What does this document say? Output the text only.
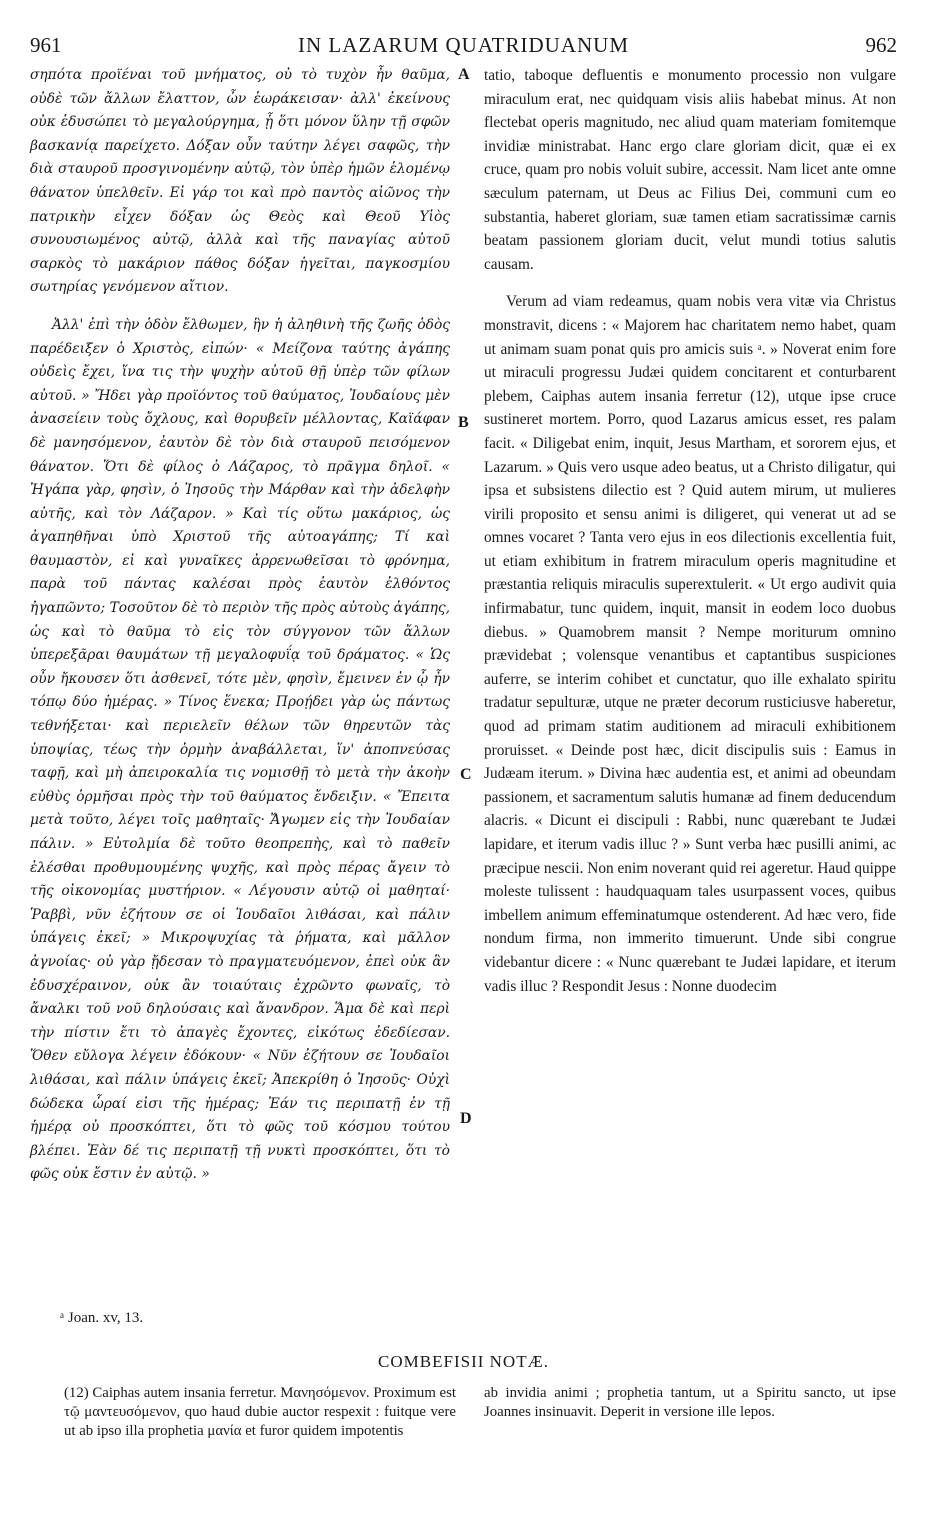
961	IN LAZARUM QUATRIDUANUM	962

σηπότα προϊέναι τοῦ μνήματος, οὐ τὸ τυχὸν ἦν θαῦμα, οὐδὲ τῶν ἄλλων ἔλαττον, ὧν ἑωράκεισαν· ἀλλ' ἐκείνους οὐκ ἐδυσώπει τὸ μεγαλούργημα, ᾗ ὅτι μόνον ὕλην τῇ σφῶν βασκανίᾳ παρείχετο. Δόξαν οὖν ταύτην λέγει σαφῶς, τὴν διὰ σταυροῦ προσγινομένην αὐτῷ, τὸν ὑπὲρ ἡμῶν ἑλομένῳ θάνατον ὑπελθεῖν. Εἰ γάρ τοι καὶ πρὸ παντὸς αἰῶνος τὴν πατρικὴν εἶχεν δόξαν ὡς Θεὸς καὶ Θεοῦ Υἱὸς συνουσιωμένος αὐτῷ, ἀλλὰ καὶ τῆς παναγίας αὐτοῦ σαρκὸς τὸ μακάριον πάθος δόξαν ἡγεῖται, παγκοσμίου σωτηρίας γενόμενον αἴτιον.

Ἀλλ' ἐπὶ τὴν ὁδὸν ἔλθωμεν, ἣν ἡ ἀληθινὴ τῆς ζωῆς ὁδὸς παρέδειξεν ὁ Χριστὸς, εἰπών· « Μείζονα ταύτης ἀγάπης οὐδεὶς ἔχει, ἵνα τις τὴν ψυχὴν αὐτοῦ θῇ ὑπὲρ τῶν φίλων αὐτοῦ. » Ἤδει γὰρ προϊόντος τοῦ θαύματος, Ἰουδαίους μὲν ἀνασείειν τοὺς ὄχλους, καὶ θορυβεῖν μέλλοντας, Καϊάφαν δὲ μανησόμενον, ἑαυτὸν δὲ τὸν διὰ σταυροῦ πεισόμενον θάνατον. Ὅτι δὲ φίλος ὁ Λάζαρος, τὸ πρᾶγμα δηλοῖ. « Ἠγάπα γὰρ, φησὶν, ὁ Ἰησοῦς τὴν Μάρθαν καὶ τὴν ἀδελφὴν αὐτῆς, καὶ τὸν Λάζαρον. » Καὶ τίς οὕτω μακάριος, ὡς ἀγαπηθῆναι ὑπὸ Χριστοῦ τῆς αὐτοαγάπης; Τί καὶ θαυμαστὸν, εἰ καὶ γυναῖκες ἀρρενωθεῖσαι τὸ φρόνημα, παρὰ τοῦ πάντας καλέσαι πρὸς ἑαυτὸν ἐλθόντος ἠγαπῶντο; Τοσοῦτον δὲ τὸ περιὸν τῆς πρὸς αὐτοὺς ἀγάπης, ὡς καὶ τὸ θαῦμα τὸ εἰς τὸν σύγγονον τῶν ἄλλων ὑπερεξᾶραι θαυμάτων τῇ μεγαλοφυΐᾳ τοῦ δράματος. « Ὡς οὖν ἤκουσεν ὅτι ἀσθενεῖ, τότε μὲν, φησὶν, ἔμεινεν ἐν ᾧ ἦν τόπῳ δύο ἡμέρας. » Τίνος ἕνεκα; Προῄδει γὰρ ὡς πάντως τεθνήξεται· καὶ περιελεῖν θέλων τῶν θηρευτῶν τὰς ὑποψίας, τέως τὴν ὁρμὴν ἀναβάλλεται, ἵν' ἀποπνεύσας ταφῇ, καὶ μὴ ἀπειροκαλία τις νομισθῇ τὸ μετὰ τὴν ἀκοὴν εὐθὺς ὁρμῆσαι πρὸς τὴν τοῦ θαύματος ἔνδειξιν. « Ἔπειτα μετὰ τοῦτο, λέγει τοῖς μαθηταῖς· Ἄγωμεν εἰς τὴν Ἰουδαίαν πάλιν. » Εὐτολμία δὲ τοῦτο θεοπρεπὴς, καὶ τὸ παθεῖν ἑλέσθαι προθυμουμένης ψυχῆς, καὶ πρὸς πέρας ἄγειν τὸ τῆς οἰκονομίας μυστήριον. « Λέγουσιν αὐτῷ οἱ μαθηταί· Ῥαββὶ, νῦν ἐζήτουν σε οἱ Ἰουδαῖοι λιθάσαι, καὶ πάλιν ὑπάγεις ἐκεῖ; » Μικροψυχίας τὰ ῥήματα, καὶ μᾶλλον ἀγνοίας· οὐ γὰρ ᾔδεσαν τὸ πραγματευόμενον, ἐπεὶ οὐκ ἂν ἐδυσχέραινον, οὐκ ἂν τοιαύταις ἐχρῶντο φωναῖς, τὸ ἄναλκι τοῦ νοῦ δηλούσαις καὶ ἄνανδρον. Ἅμα δὲ καὶ περὶ τὴν πίστιν ἔτι τὸ ἀπαγὲς ἔχοντες, εἰκότως ἐδεδίεσαν. Ὅθεν εὔλογα λέγειν ἐδόκουν· « Νῦν ἐζήτουν σε Ἰουδαῖοι λιθάσαι, καὶ πάλιν ὑπάγεις ἐκεῖ; Ἀπεκρίθη ὁ Ἰησοῦς· Οὐχὶ δώδεκα ὧραί εἰσι τῆς ἡμέρας; Ἐάν τις περιπατῇ ἐν τῇ ἡμέρᾳ οὐ προσκόπτει, ὅτι τὸ φῶς τοῦ κόσμου τούτου βλέπει. Ἐὰν δέ τις περιπατῇ τῇ νυκτὶ προσκόπτει, ὅτι τὸ φῶς οὐκ ἔστιν ἐν αὐτῷ. »

A
B
C
D

tatio, taboque defluentis e monumento processio non vulgare miraculum erat, nec quidquam visis aliis habebat minus. At non flectebat operis magnitudo, nec aliud quam materiam fomitemque invidiæ ministrabat. Hanc ergo clare gloriam dicit, quæ ei ex cruce, quam pro nobis voluit subire, accessit. Nam licet ante omne sæculum paternam, ut Deus ac Filius Dei, communi cum eo substantia, haberet gloriam, suæ tamen etiam sacratissimæ carnis beatam passionem gloriam ducit, velut mundi totius salutis causam.

Verum ad viam redeamus, quam nobis vera vitæ via Christus monstravit, dicens : « Majorem hac charitatem nemo habet, quam ut animam suam ponat quis pro amicis suis ᵃ. » Noverat enim fore ut miraculi progressu Judæi quidem concitarent et conturbarent plebem, Caiphas autem insania ferretur (12), utque ipse cruce sustineret mortem. Porro, quod Lazarus amicus esset, res palam facit. « Diligebat enim, inquit, Jesus Martham, et sororem ejus, et Lazarum. » Quis vero usque adeo beatus, ut a Christo diligatur, qui ipsa et subsistens dilectio est ? Quid autem mirum, ut mulieres virili proposito et sensu animi is diligeret, qui venerat ut ad se omnes vocaret ? Tanta vero ejus in eos dilectionis excellentia fuit, ut etiam exhibitum in fratrem miraculum operis magnitudine et præstantia reliquis miraculis superextulerit. « Ut ergo audivit quia infirmabatur, tunc quidem, inquit, mansit in eodem loco duobus diebus. » Quamobrem mansit ? Nempe moriturum omnino prævidebat ; volensque venantibus et captantibus suspiciones auferre, se interim cohibet et cunctatur, quo ille exhalato spiritu tradatur sepulturæ, utque ne præter decorum rusticiusve haberetur, quod ad primam statim auditionem ad miraculi exhibitionem proruisset. « Deinde post hæc, dicit discipulis suis : Eamus in Judæam iterum. » Divina hæc audentia est, et animi ad obeundam passionem, et sacramentum salutis humanæ ad finem deducendum alacris. « Dicunt ei discipuli : Rabbi, nunc quærebant te Judæi lapidare, et iterum vadis illuc ? » Sunt verba hæc pusilli animi, ac præcipue nescii. Non enim noverant quid rei ageretur. Haud quippe moleste tulissent : haudquaquam tales usurpassent voces, quibus imbellem animum effeminatumque ostenderent. Ad hæc vero, fide nondum firma, non immerito timuerunt. Unde sibi congrue videbantur dicere : « Nunc quærebant te Judæi lapidare, et iterum vadis illuc ? Respondit Jesus : Nonne duodecim

ᵃ Joan. xv, 13.
COMBEFISII NOTÆ.
(12) Caiphas autem insania ferretur. Μανησόμενον. Proximum est τῷ μαντευσόμενον, quo haud dubie auctor respexit : fuitque vere ut ab ipso illa prophetia μανία et furor quidem impotentis
ab invidia animi ; prophetia tantum, ut a Spiritu sancto, ut ipse Joannes insinuavit. Deperit in versione ille lepos.
